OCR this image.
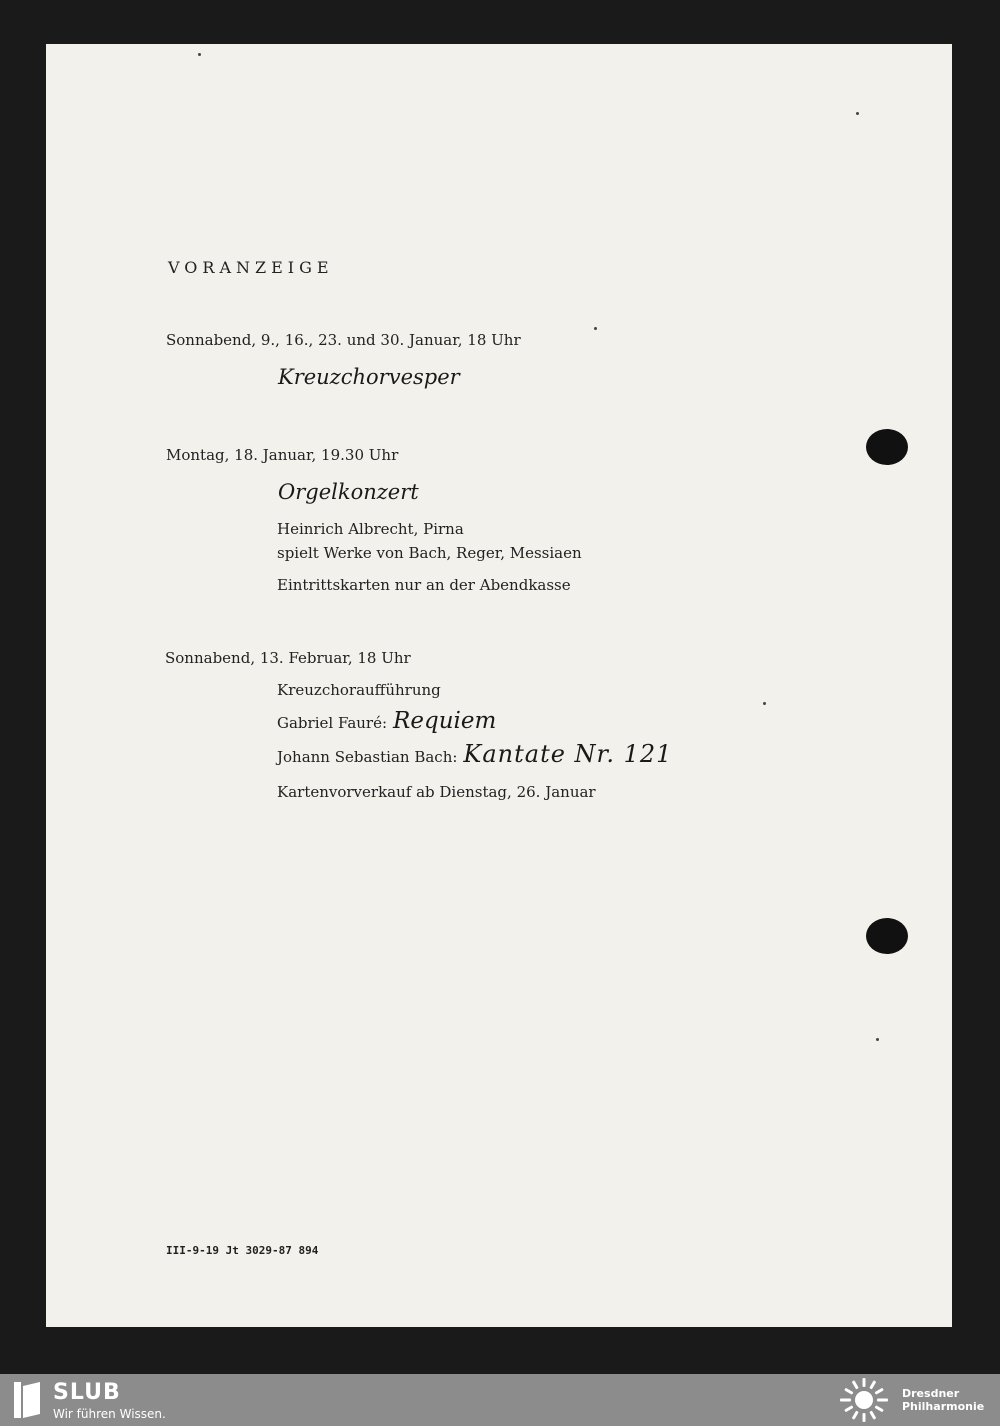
VORANZEIGE
Sonnabend, 9., 16., 23. und 30. Januar, 18 Uhr
Kreuzchorvesper
Montag, 18. Januar, 19.30 Uhr
Orgelkonzert
Heinrich Albrecht, Pirna
spielt Werke von Bach, Reger, Messiaen
Eintrittskarten nur an der Abendkasse
Sonnabend, 13. Februar, 18 Uhr
Kreuzchoraufführung
Gabriel Fauré: Requiem
Johann Sebastian Bach: Kantate Nr. 121
Kartenvorverkauf ab Dienstag, 26. Januar
III-9-19 Jt 3029-87 894
SLUB
Wir führen Wissen.
Dresdner
Philharmonie
